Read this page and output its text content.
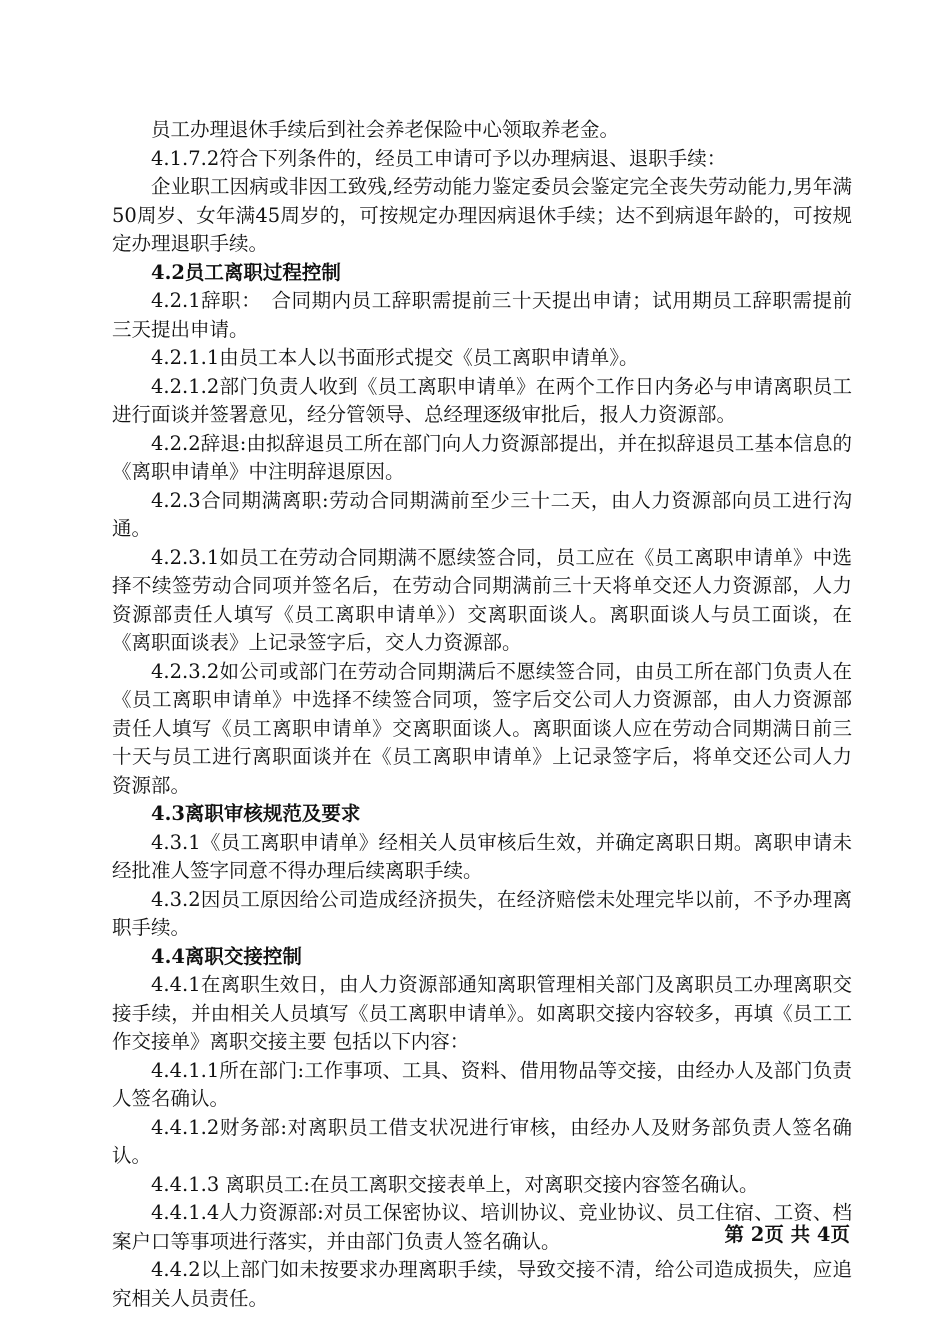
员工办理退休手续后到社会养老保险中心领取养老金。

4.1.7.2符合下列条件的，经员工申请可予以办理病退、退职手续：

企业职工因病或非因工致残,经劳动能力鉴定委员会鉴定完全丧失劳动能力,男年满50周岁、女年满45周岁的，可按规定办理因病退休手续；达不到病退年龄的，可按规定办理退职手续。

4.2员工离职过程控制

4.2.1辞职：　合同期内员工辞职需提前三十天提出申请；试用期员工辞职需提前三天提出申请。

4.2.1.1由员工本人以书面形式提交《员工离职申请单》。

4.2.1.2部门负责人收到《员工离职申请单》在两个工作日内务必与申请离职员工进行面谈并签署意见，经分管领导、总经理逐级审批后，报人力资源部。

4.2.2辞退:由拟辞退员工所在部门向人力资源部提出，并在拟辞退员工基本信息的《离职申请单》中注明辞退原因。

4.2.3合同期满离职:劳动合同期满前至少三十二天，由人力资源部向员工进行沟通。

4.2.3.1如员工在劳动合同期满不愿续签合同，员工应在《员工离职申请单》中选择不续签劳动合同项并签名后，在劳动合同期满前三十天将单交还人力资源部，人力资源部责任人填写《员工离职申请单》）交离职面谈人。离职面谈人与员工面谈，在《离职面谈表》上记录签字后，交人力资源部。

4.2.3.2如公司或部门在劳动合同期满后不愿续签合同，由员工所在部门负责人在《员工离职申请单》中选择不续签合同项，签字后交公司人力资源部，由人力资源部责任人填写《员工离职申请单》交离职面谈人。离职面谈人应在劳动合同期满日前三十天与员工进行离职面谈并在《员工离职申请单》上记录签字后，将单交还公司人力资源部。

4.3离职审核规范及要求

4.3.1《员工离职申请单》经相关人员审核后生效，并确定离职日期。离职申请未经批准人签字同意不得办理后续离职手续。

4.3.2因员工原因给公司造成经济损失，在经济赔偿未处理完毕以前，不予办理离职手续。

4.4离职交接控制

4.4.1在离职生效日，由人力资源部通知离职管理相关部门及离职员工办理离职交接手续，并由相关人员填写《员工离职申请单》。如离职交接内容较多，再填《员工工作交接单》离职交接主要 包括以下内容：

4.4.1.1所在部门:工作事项、工具、资料、借用物品等交接，由经办人及部门负责人签名确认。

4.4.1.2财务部:对离职员工借支状况进行审核，由经办人及财务部负责人签名确认。

4.4.1.3 离职员工:在员工离职交接表单上，对离职交接内容签名确认。

4.4.1.4人力资源部:对员工保密协议、培训协议、竞业协议、员工住宿、工资、档案户口等事项进行落实，并由部门负责人签名确认。

4.4.2以上部门如未按要求办理离职手续，导致交接不清，给公司造成损失，应追究相关人员责任。

第 2页 共 4页
